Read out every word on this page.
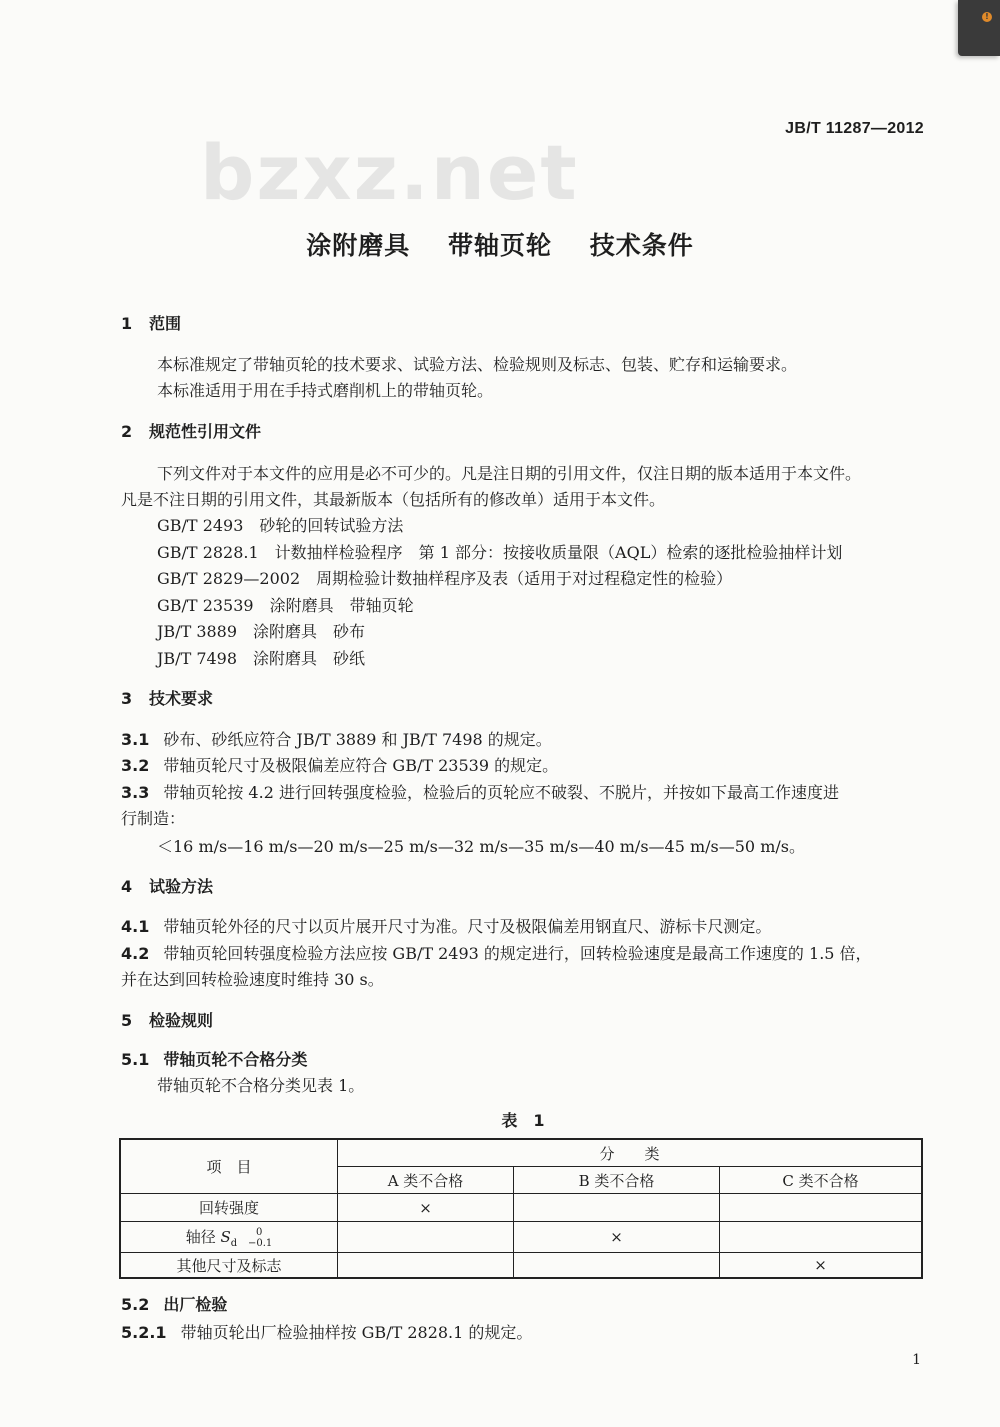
!
bzxz.net	JB/T 11287—2012
涂附磨具 带轴页轮 技术条件
1 范围
本标准规定了带轴页轮的技术要求、试验方法、检验规则及标志、包装、贮存和运输要求。
本标准适用于用在手持式磨削机上的带轴页轮。
2 规范性引用文件
下列文件对于本文件的应用是必不可少的。凡是注日期的引用文件，仅注日期的版本适用于本文件。
凡是不注日期的引用文件，其最新版本（包括所有的修改单）适用于本文件。
GB/T 2493　砂轮的回转试验方法
GB/T 2828.1　计数抽样检验程序　第 1 部分：按接收质量限（AQL）检索的逐批检验抽样计划
GB/T 2829—2002　周期检验计数抽样程序及表（适用于对过程稳定性的检验）
GB/T 23539　涂附磨具　带轴页轮
JB/T 3889　涂附磨具　砂布
JB/T 7498　涂附磨具　砂纸
3 技术要求
3.1 砂布、砂纸应符合 JB/T 3889 和 JB/T 7498 的规定。
3.2 带轴页轮尺寸及极限偏差应符合 GB/T 23539 的规定。
3.3 带轴页轮按 4.2 进行回转强度检验，检验后的页轮应不破裂、不脱片，并按如下最高工作速度进
行制造：
＜16 m/s—16 m/s—20 m/s—25 m/s—32 m/s—35 m/s—40 m/s—45 m/s—50 m/s。
4 试验方法
4.1 带轴页轮外径的尺寸以页片展开尺寸为准。尺寸及极限偏差用钢直尺、游标卡尺测定。
4.2 带轴页轮回转强度检验方法应按 GB/T 2493 的规定进行，回转检验速度是最高工作速度的 1.5 倍，
并在达到回转检验速度时维持 30 s。
5 检验规则
5.1 带轴页轮不合格分类
带轴页轮不合格分类见表 1。
表　1
项　目	分　　类		
	A 类不合格	B 类不合格	C 类不合格
回转强度	×		
轴径 $S_d$
0
−0.1		×	
其他尺寸及标志			×
5.2 出厂检验
5.2.1 带轴页轮出厂检验抽样按 GB/T 2828.1 的规定。
1
